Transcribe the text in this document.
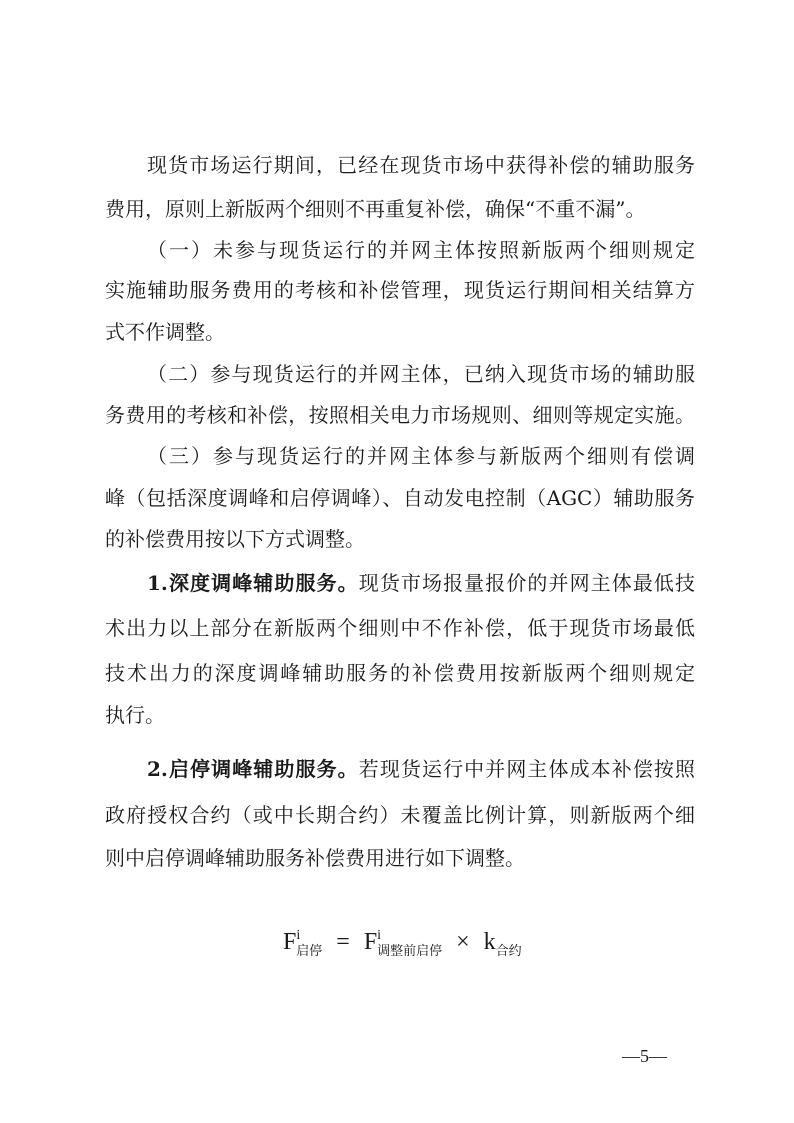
现货市场运行期间，已经在现货市场中获得补偿的辅助服务
费用，原则上新版两个细则不再重复补偿，确保“不重不漏”。
（一）未参与现货运行的并网主体按照新版两个细则规定
实施辅助服务费用的考核和补偿管理，现货运行期间相关结算方
式不作调整。
（二）参与现货运行的并网主体，已纳入现货市场的辅助服
务费用的考核和补偿，按照相关电力市场规则、细则等规定实施。
（三）参与现货运行的并网主体参与新版两个细则有偿调
峰（包括深度调峰和启停调峰）、自动发电控制（AGC）辅助服务
的补偿费用按以下方式调整。
1.深度调峰辅助服务。现货市场报量报价的并网主体最低技
术出力以上部分在新版两个细则中不作补偿，低于现货市场最低
技术出力的深度调峰辅助服务的补偿费用按新版两个细则规定
执行。
2.启停调峰辅助服务。若现货运行中并网主体成本补偿按照
政府授权合约（或中长期合约）未覆盖比例计算，则新版两个细
则中启停调峰辅助服务补偿费用进行如下调整。
$F^i_{启停} = F^i_{调整前启停} \times k_{合约}$
—5—
